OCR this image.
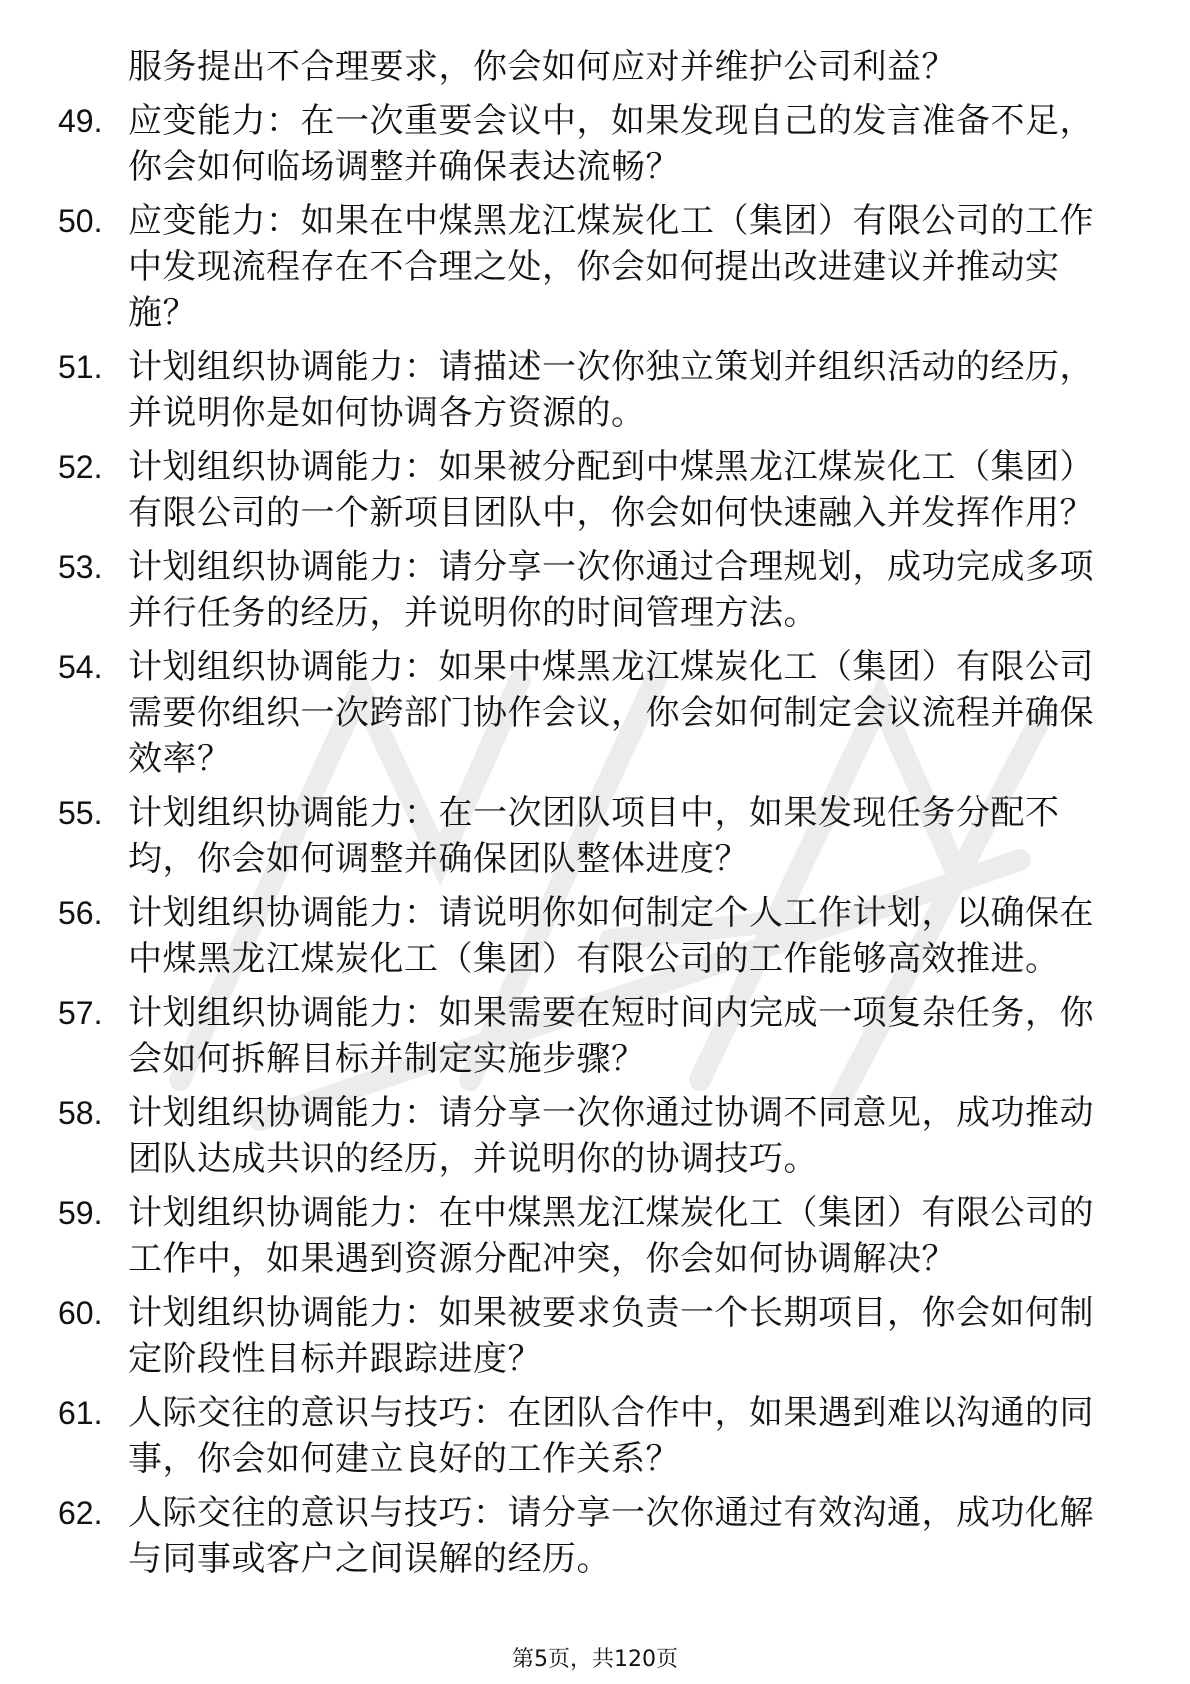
服务提出不合理要求，你会如何应对并维护公司利益？
49. 应变能力：在一次重要会议中，如果发现自己的发言准备不足，你会如何临场调整并确保表达流畅？
50. 应变能力：如果在中煤黑龙江煤炭化工（集团）有限公司的工作中发现流程存在不合理之处，你会如何提出改进建议并推动实施？
51. 计划组织协调能力：请描述一次你独立策划并组织活动的经历，并说明你是如何协调各方资源的。
52. 计划组织协调能力：如果被分配到中煤黑龙江煤炭化工（集团）有限公司的一个新项目团队中，你会如何快速融入并发挥作用？
53. 计划组织协调能力：请分享一次你通过合理规划，成功完成多项并行任务的经历，并说明你的时间管理方法。
54. 计划组织协调能力：如果中煤黑龙江煤炭化工（集团）有限公司需要你组织一次跨部门协作会议，你会如何制定会议流程并确保效率？
55. 计划组织协调能力：在一次团队项目中，如果发现任务分配不均，你会如何调整并确保团队整体进度？
56. 计划组织协调能力：请说明你如何制定个人工作计划，以确保在中煤黑龙江煤炭化工（集团）有限公司的工作能够高效推进。
57. 计划组织协调能力：如果需要在短时间内完成一项复杂任务，你会如何拆解目标并制定实施步骤？
58. 计划组织协调能力：请分享一次你通过协调不同意见，成功推动团队达成共识的经历，并说明你的协调技巧。
59. 计划组织协调能力：在中煤黑龙江煤炭化工（集团）有限公司的工作中，如果遇到资源分配冲突，你会如何协调解决？
60. 计划组织协调能力：如果被要求负责一个长期项目，你会如何制定阶段性目标并跟踪进度？
61. 人际交往的意识与技巧：在团队合作中，如果遇到难以沟通的同事，你会如何建立良好的工作关系？
62. 人际交往的意识与技巧：请分享一次你通过有效沟通，成功化解与同事或客户之间误解的经历。
第5页，共120页
